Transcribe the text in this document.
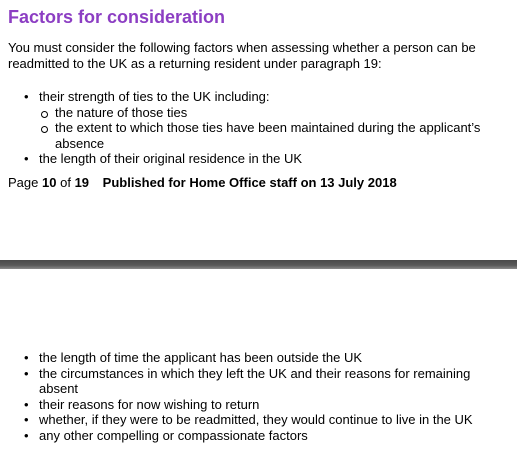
Factors for consideration

You must consider the following factors when assessing whether a person can be readmitted to the UK as a returning resident under paragraph 19:

• their strength of ties to the UK including:
the nature of those ties
the extent to which those ties have been maintained during the applicant’s absence
• the length of their original residence in the UK
Page 10 of 19 Published for Home Office staff on 13 July 2018
• the length of time the applicant has been outside the UK
• the circumstances in which they left the UK and their reasons for remaining absent
• their reasons for now wishing to return
• whether, if they were to be readmitted, they would continue to live in the UK
• any other compelling or compassionate factors
